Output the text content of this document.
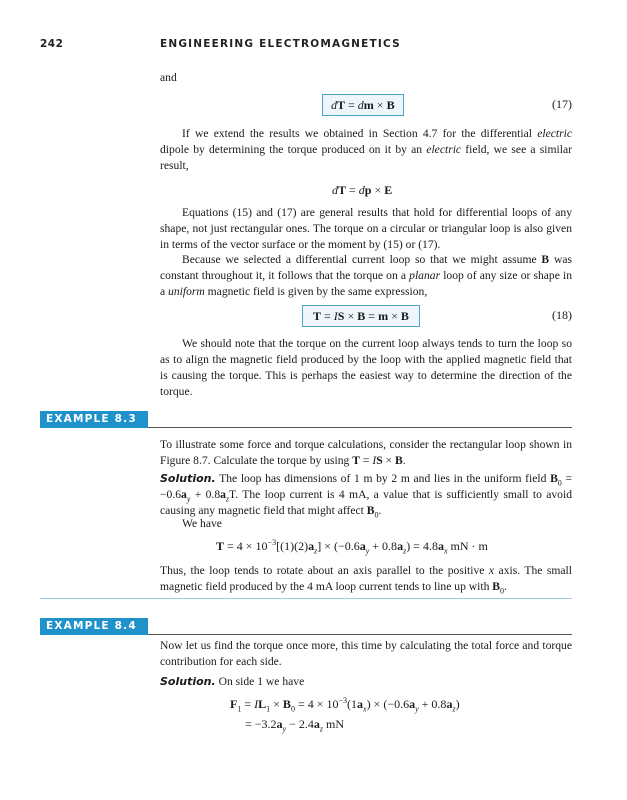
242	ENGINEERING ELECTROMAGNETICS

and

dT = dm × B	(17)

If we extend the results we obtained in Section 4.7 for the differential electric dipole by determining the torque produced on it by an electric field, we see a similar result,

dT = dp × E

Equations (15) and (17) are general results that hold for differential loops of any shape, not just rectangular ones. The torque on a circular or triangular loop is also given in terms of the vector surface or the moment by (15) or (17).

Because we selected a differential current loop so that we might assume B was constant throughout it, it follows that the torque on a planar loop of any size or shape in a uniform magnetic field is given by the same expression,

T = IS × B = m × B	(18)

We should note that the torque on the current loop always tends to turn the loop so as to align the magnetic field produced by the loop with the applied magnetic field that is causing the torque. This is perhaps the easiest way to determine the direction of the torque.

EXAMPLE 8.3

To illustrate some force and torque calculations, consider the rectangular loop shown in Figure 8.7. Calculate the torque by using T = IS × B.

Solution. The loop has dimensions of 1 m by 2 m and lies in the uniform field $B_0 = -0.6a_y + 0.8a_zT$. The loop current is 4 mA, a value that is sufficiently small to avoid causing any magnetic field that might affect $B_0$.

We have

$T = 4 \times 10^{-3}[(1)(2)a_z] \times (-0.6a_y + 0.8a_z) = 4.8a_x$ mN · m

Thus, the loop tends to rotate about an axis parallel to the positive x axis. The small magnetic field produced by the 4 mA loop current tends to line up with $B_0$.

EXAMPLE 8.4

Now let us find the torque once more, this time by calculating the total force and torque contribution for each side.

Solution. On side 1 we have

$F_1 = IL_1 \times B_0 = 4 \times 10^{-3}(1a_x) \times (-0.6a_y + 0.8a_z)$
= $-3.2a_y - 2.4a_z$ mN
